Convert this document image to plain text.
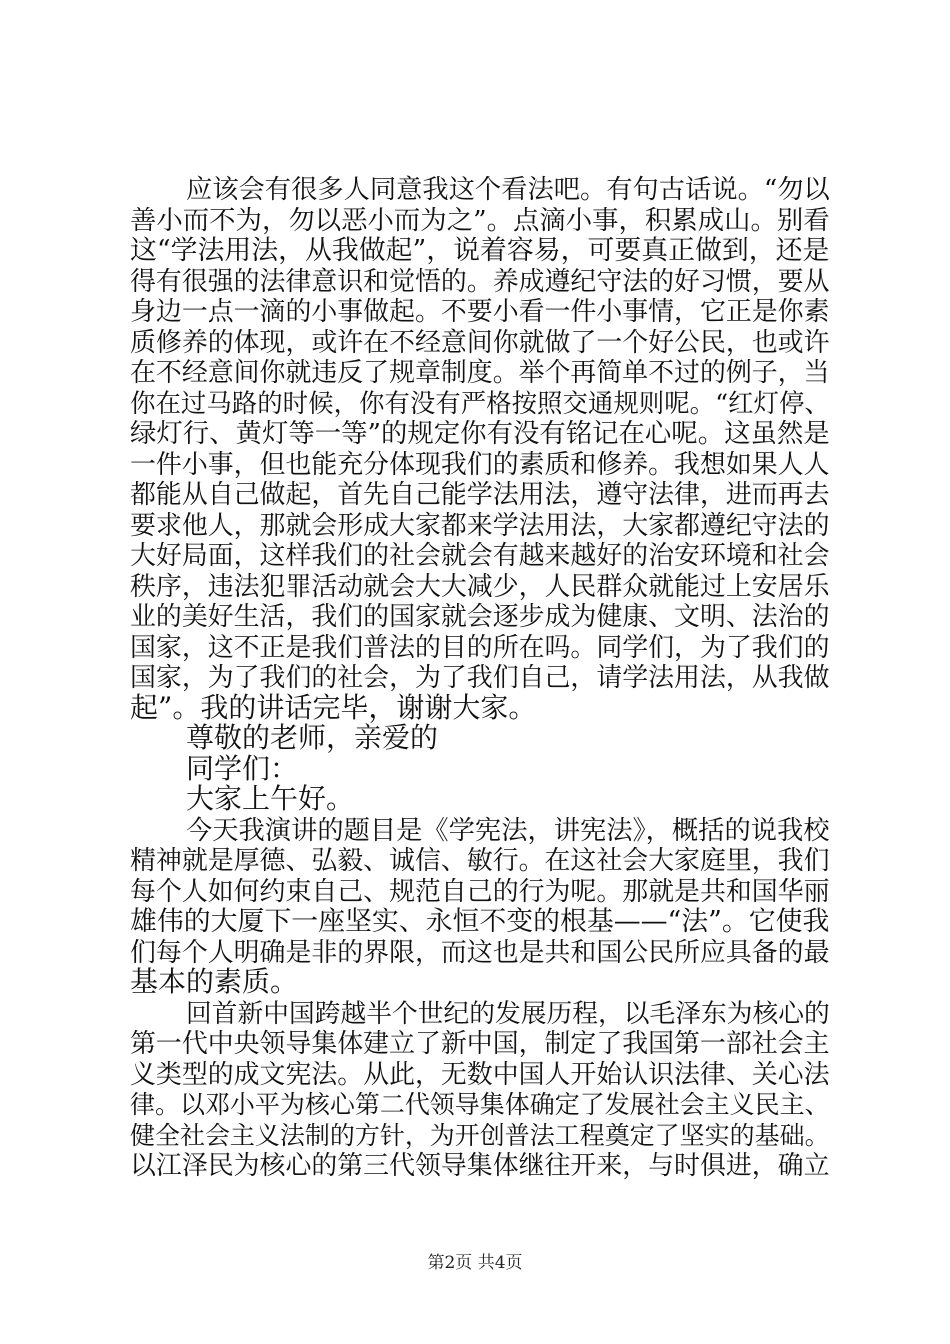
应该会有很多人同意我这个看法吧。有句古话说。“勿以
善小而不为，勿以恶小而为之”。点滴小事，积累成山。别看
这“学法用法，从我做起”，说着容易，可要真正做到，还是
得有很强的法律意识和觉悟的。养成遵纪守法的好习惯，要从
身边一点一滴的小事做起。不要小看一件小事情，它正是你素
质修养的体现，或许在不经意间你就做了一个好公民，也或许
在不经意间你就违反了规章制度。举个再简单不过的例子，当
你在过马路的时候，你有没有严格按照交通规则呢。“红灯停、
绿灯行、黄灯等一等”的规定你有没有铭记在心呢。这虽然是
一件小事，但也能充分体现我们的素质和修养。我想如果人人
都能从自己做起，首先自己能学法用法，遵守法律，进而再去
要求他人，那就会形成大家都来学法用法，大家都遵纪守法的
大好局面，这样我们的社会就会有越来越好的治安环境和社会
秩序，违法犯罪活动就会大大减少，人民群众就能过上安居乐
业的美好生活，我们的国家就会逐步成为健康、文明、法治的
国家，这不正是我们普法的目的所在吗。同学们，为了我们的
国家，为了我们的社会，为了我们自己，请学法用法，从我做
起”。我的讲话完毕，谢谢大家。
尊敬的老师，亲爱的
同学们：
大家上午好。
今天我演讲的题目是《学宪法，讲宪法》，概括的说我校
精神就是厚德、弘毅、诚信、敏行。在这社会大家庭里，我们
每个人如何约束自己、规范自己的行为呢。那就是共和国华丽
雄伟的大厦下一座坚实、永恒不变的根基——“法”。它使我
们每个人明确是非的界限，而这也是共和国公民所应具备的最
基本的素质。
回首新中国跨越半个世纪的发展历程，以毛泽东为核心的
第一代中央领导集体建立了新中国，制定了我国第一部社会主
义类型的成文宪法。从此，无数中国人开始认识法律、关心法
律。以邓小平为核心第二代领导集体确定了发展社会主义民主、
健全社会主义法制的方针，为开创普法工程奠定了坚实的基础。
以江泽民为核心的第三代领导集体继往开来，与时俱进，确立
第2页 共4页
